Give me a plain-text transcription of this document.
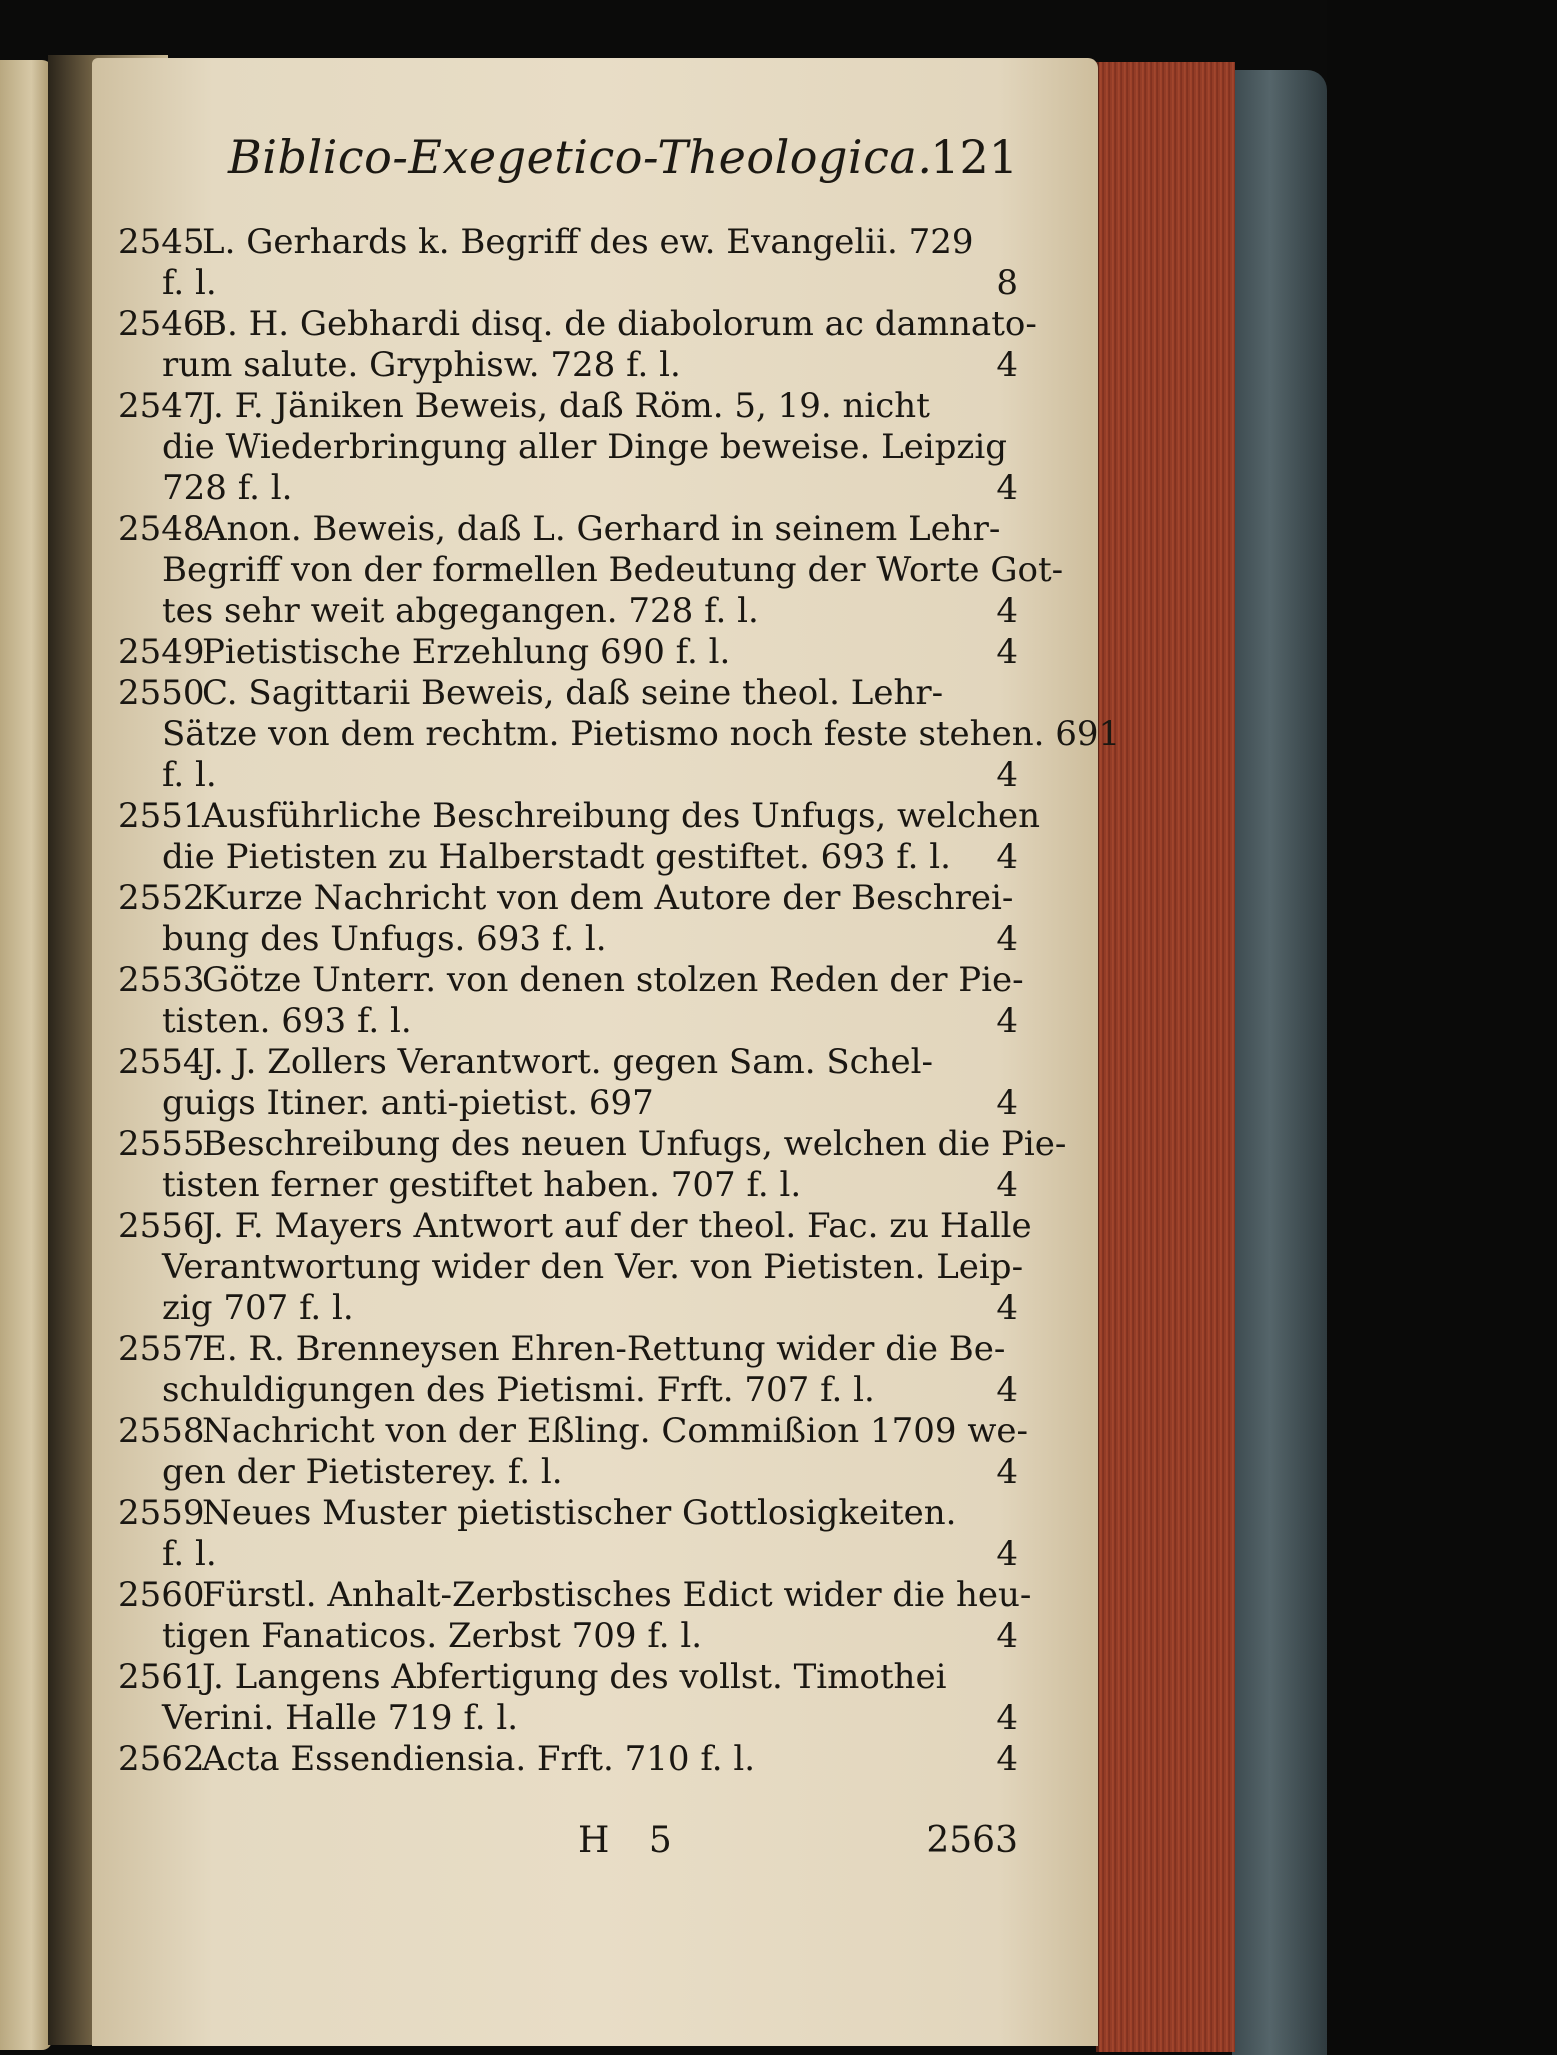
Biblico-Exegetico-Theologica.
121
2545
L. Gerhards k. Begriff des ew. Evangelii. 729
f. l.	8
2546
B. H. Gebhardi disq. de diabolorum ac damnato-
rum salute. Gryphisw. 728 f. l.	4
2547
J. F. Jäniken Beweis, daß Röm. 5, 19. nicht
die Wiederbringung aller Dinge beweise. Leipzig
728 f. l.	4
2548
Anon. Beweis, daß L. Gerhard in seinem Lehr-
Begriff von der formellen Bedeutung der Worte Got-
tes sehr weit abgegangen. 728 f. l.	4
2549
Pietistische Erzehlung 690 f. l.	4
2550
C. Sagittarii Beweis, daß seine theol. Lehr-
Sätze von dem rechtm. Pietismo noch feste stehen. 691
f. l.	4
2551
Ausführliche Beschreibung des Unfugs, welchen
die Pietisten zu Halberstadt gestiftet. 693 f. l. 4
2552
Kurze Nachricht von dem Autore der Beschrei-
bung des Unfugs. 693 f. l.	4
2553
Götze Unterr. von denen stolzen Reden der Pie-
tisten. 693 f. l.	4
2554
J. J. Zollers Verantwort. gegen Sam. Schel-
guigs Itiner. anti-pietist. 697	4
2555
Beschreibung des neuen Unfugs, welchen die Pie-
tisten ferner gestiftet haben. 707 f. l.	4
2556
J. F. Mayers Antwort auf der theol. Fac. zu Halle
Verantwortung wider den Ver. von Pietisten. Leip-
zig 707 f. l.	4
2557
E. R. Brenneysen Ehren-Rettung wider die Be-
schuldigungen des Pietismi. Frft. 707 f. l.	4
2558
Nachricht von der Eßling. Commißion 1709 we-
gen der Pietisterey. f. l.	4
2559
Neues Muster pietistischer Gottlosigkeiten.
f. l.	4
2560
Fürstl. Anhalt-Zerbstisches Edict wider die heu-
tigen Fanaticos. Zerbst 709 f. l.	4
2561
J. Langens Abfertigung des vollst. Timothei
Verini. Halle 719 f. l.	4
2562
Acta Essendiensia. Frft. 710 f. l.	4
H 5	2563
